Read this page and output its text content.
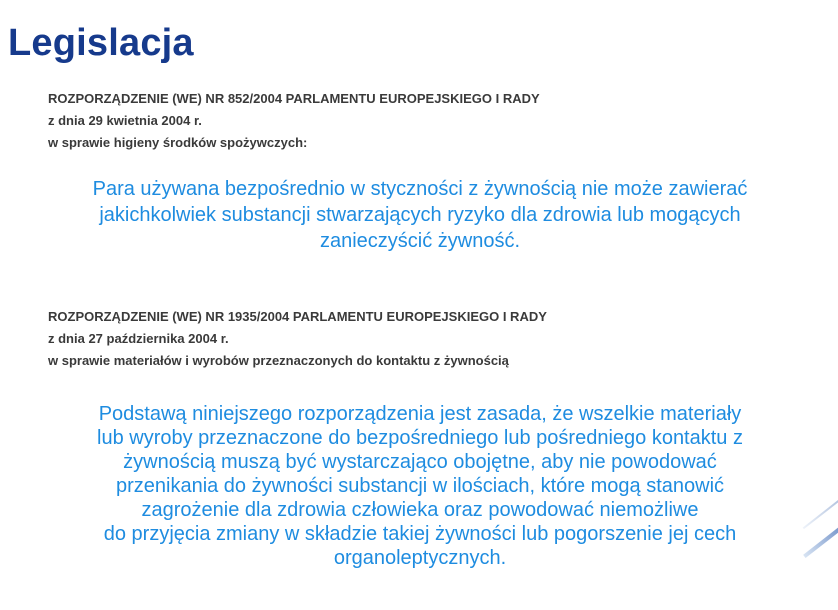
Legislacja

ROZPORZĄDZENIE (WE) NR 852/2004 PARLAMENTU EUROPEJSKIEGO I RADY

z dnia 29 kwietnia 2004 r.

w sprawie higieny środków spożywczych:

Para używana bezpośrednio w styczności z żywnością nie może zawierać

jakichkolwiek substancji stwarzających ryzyko dla zdrowia lub mogących

zanieczyścić żywność.

ROZPORZĄDZENIE (WE) NR 1935/2004 PARLAMENTU EUROPEJSKIEGO I RADY

z dnia 27 października 2004 r.

w sprawie materiałów i wyrobów przeznaczonych do kontaktu z żywnością

Podstawą niniejszego rozporządzenia jest zasada, że wszelkie materiały

lub wyroby przeznaczone do bezpośredniego lub pośredniego kontaktu z

żywnością muszą być wystarczająco obojętne, aby nie powodować

przenikania do żywności substancji w ilościach, które mogą stanowić

zagrożenie dla zdrowia człowieka oraz powodować niemożliwe

do przyjęcia zmiany w składzie takiej żywności lub pogorszenie jej cech

organoleptycznych.
